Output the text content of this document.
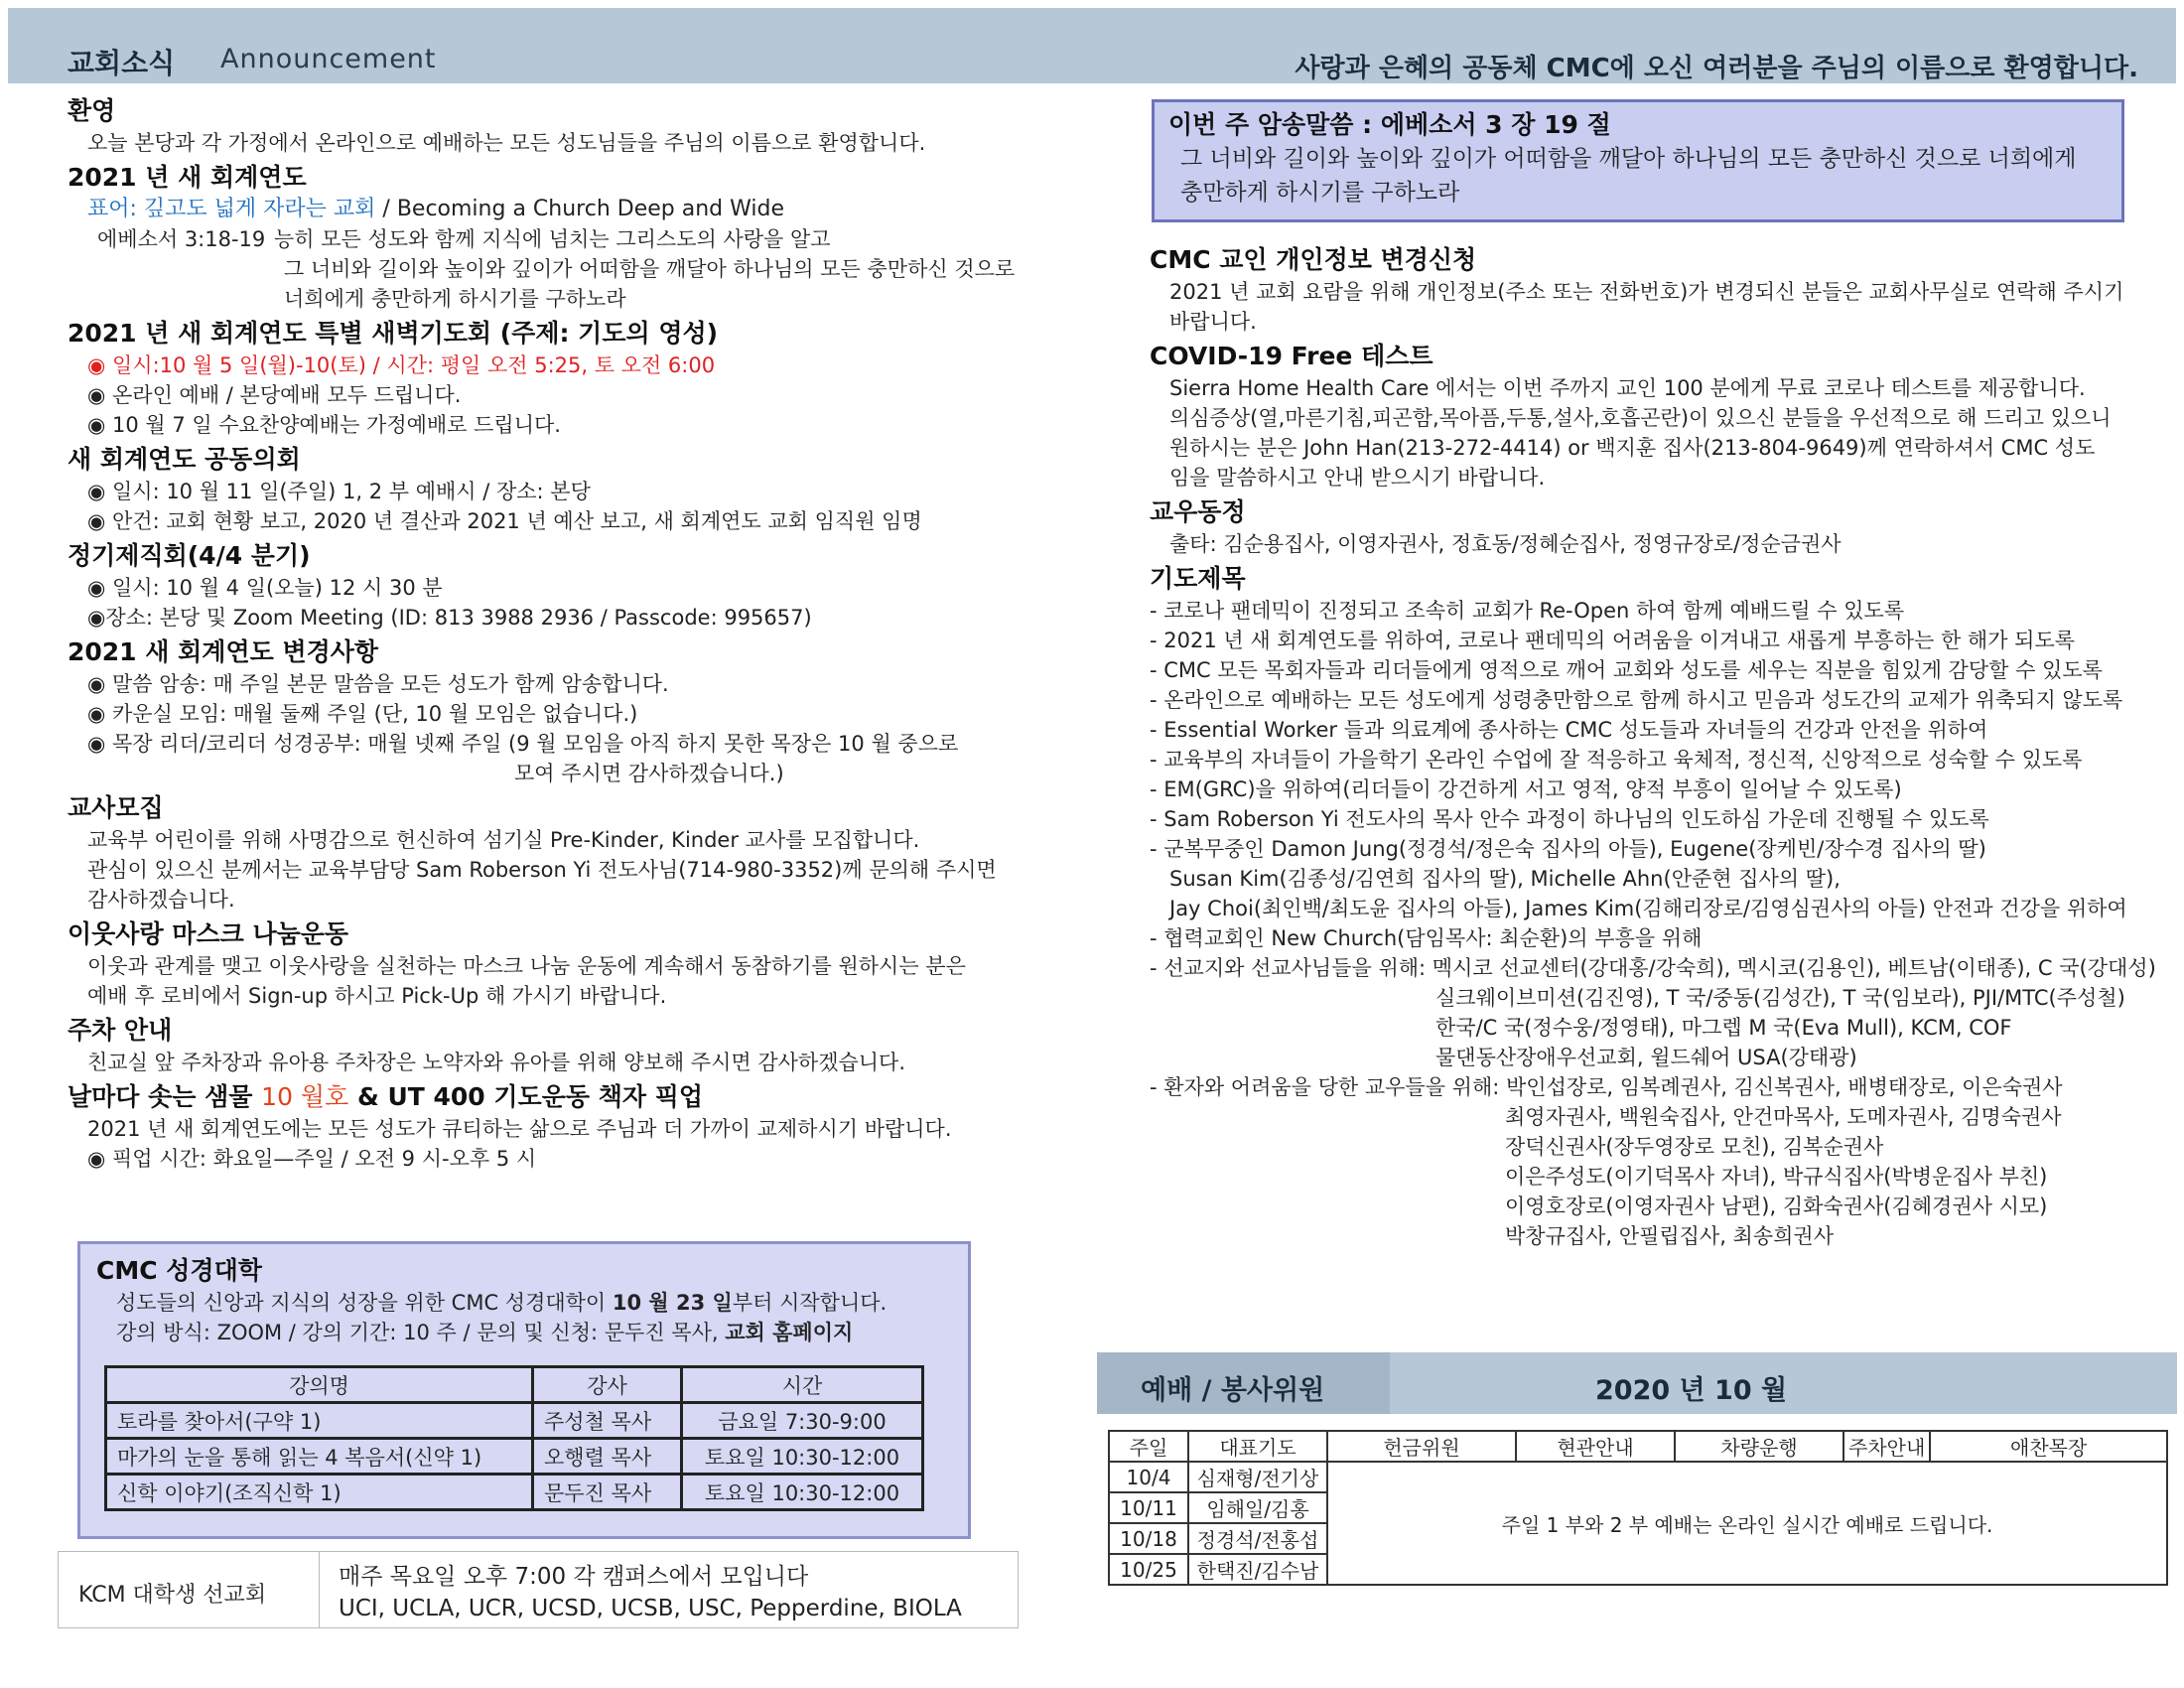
교회소식 Announcement	사랑과 은혜의 공동체 CMC에 오신 여러분을 주님의 이름으로 환영합니다.
환영
오늘 본당과 각 가정에서 온라인으로 예배하는 모든 성도님들을 주님의 이름으로 환영합니다.
2021 년 새 회계연도
표어: 깊고도 넓게 자라는 교회 / Becoming a Church Deep and Wide
에베소서 3:18-19 능히 모든 성도와 함께 지식에 넘치는 그리스도의 사랑을 알고
그 너비와 길이와 높이와 깊이가 어떠함을 깨달아 하나님의 모든 충만하신 것으로
너희에게 충만하게 하시기를 구하노라
2021 년 새 회계연도 특별 새벽기도회 (주제: 기도의 영성)
◉ 일시:10 월 5 일(월)-10(토) / 시간: 평일 오전 5:25, 토 오전 6:00
◉ 온라인 예배 / 본당예배 모두 드립니다.
◉ 10 월 7 일 수요찬양예배는 가정예배로 드립니다.
새 회계연도 공동의회
◉ 일시: 10 월 11 일(주일) 1, 2 부 예배시 / 장소: 본당
◉ 안건: 교회 현황 보고, 2020 년 결산과 2021 년 예산 보고, 새 회계연도 교회 임직원 임명
정기제직회(4/4 분기)
◉ 일시: 10 월 4 일(오늘) 12 시 30 분
◉장소: 본당 및 Zoom Meeting (ID: 813 3988 2936 / Passcode: 995657)
2021 새 회계연도 변경사항
◉ 말씀 암송: 매 주일 본문 말씀을 모든 성도가 함께 암송합니다.
◉ 카운실 모임: 매월 둘째 주일 (단, 10 월 모임은 없습니다.)
◉ 목장 리더/코리더 성경공부: 매월 넷째 주일 (9 월 모임을 아직 하지 못한 목장은 10 월 중으로
모여 주시면 감사하겠습니다.)
교사모집
교육부 어린이를 위해 사명감으로 헌신하여 섬기실 Pre-Kinder, Kinder 교사를 모집합니다.
관심이 있으신 분께서는 교육부담당 Sam Roberson Yi 전도사님(714-980-3352)께 문의해 주시면
감사하겠습니다.
이웃사랑 마스크 나눔운동
이웃과 관계를 맺고 이웃사랑을 실천하는 마스크 나눔 운동에 계속해서 동참하기를 원하시는 분은
예배 후 로비에서 Sign-up 하시고 Pick-Up 해 가시기 바랍니다.
주차 안내
친교실 앞 주차장과 유아용 주차장은 노약자와 유아를 위해 양보해 주시면 감사하겠습니다.
날마다 솟는 샘물 10 월호 & UT 400 기도운동 책자 픽업
2021 년 새 회계연도에는 모든 성도가 큐티하는 삶으로 주님과 더 가까이 교제하시기 바랍니다.
◉ 픽업 시간: 화요일—주일 / 오전 9 시-오후 5 시
CMC 성경대학
성도들의 신앙과 지식의 성장을 위한 CMC 성경대학이 10 월 23 일부터 시작합니다.
강의 방식: ZOOM / 강의 기간: 10 주 / 문의 및 신청: 문두진 목사, 교회 홈페이지
강의명	강사	시간
토라를 찾아서(구약 1)	주성철 목사	금요일 7:30-9:00
마가의 눈을 통해 읽는 4 복음서(신약 1)	오행렬 목사	토요일 10:30-12:00
신학 이야기(조직신학 1)	문두진 목사	토요일 10:30-12:00
KCM 대학생 선교회
매주 목요일 오후 7:00 각 캠퍼스에서 모입니다
UCI, UCLA, UCR, UCSD, UCSB, USC, Pepperdine, BIOLA
이번 주 암송말씀 : 에베소서 3 장 19 절
그 너비와 길이와 높이와 깊이가 어떠함을 깨달아 하나님의 모든 충만하신 것으로 너희에게
충만하게 하시기를 구하노라
CMC 교인 개인정보 변경신청
2021 년 교회 요람을 위해 개인정보(주소 또는 전화번호)가 변경되신 분들은 교회사무실로 연락해 주시기
바랍니다.
COVID-19 Free 테스트
Sierra Home Health Care 에서는 이번 주까지 교인 100 분에게 무료 코로나 테스트를 제공합니다.
의심증상(열,마른기침,피곤함,목아픔,두통,설사,호흡곤란)이 있으신 분들을 우선적으로 해 드리고 있으니
원하시는 분은 John Han(213-272-4414) or 백지훈 집사(213-804-9649)께 연락하셔서 CMC 성도
임을 말씀하시고 안내 받으시기 바랍니다.
교우동정
출타: 김순용집사, 이영자권사, 정효동/정혜순집사, 정영규장로/정순금권사
기도제목
- 코로나 팬데믹이 진정되고 조속히 교회가 Re-Open 하여 함께 예배드릴 수 있도록
- 2021 년 새 회계연도를 위하여, 코로나 팬데믹의 어려움을 이겨내고 새롭게 부흥하는 한 해가 되도록
- CMC 모든 목회자들과 리더들에게 영적으로 깨어 교회와 성도를 세우는 직분을 힘있게 감당할 수 있도록
- 온라인으로 예배하는 모든 성도에게 성령충만함으로 함께 하시고 믿음과 성도간의 교제가 위축되지 않도록
- Essential Worker 들과 의료계에 종사하는 CMC 성도들과 자녀들의 건강과 안전을 위하여
- 교육부의 자녀들이 가을학기 온라인 수업에 잘 적응하고 육체적, 정신적, 신앙적으로 성숙할 수 있도록
- EM(GRC)을 위하여(리더들이 강건하게 서고 영적, 양적 부흥이 일어날 수 있도록)
- Sam Roberson Yi 전도사의 목사 안수 과정이 하나님의 인도하심 가운데 진행될 수 있도록
- 군복무중인 Damon Jung(정경석/정은숙 집사의 아들), Eugene(장케빈/장수경 집사의 딸)
Susan Kim(김종성/김연희 집사의 딸), Michelle Ahn(안준현 집사의 딸),
Jay Choi(최인백/최도윤 집사의 아들), James Kim(김해리장로/김영심권사의 아들) 안전과 건강을 위하여
- 협력교회인 New Church(담임목사: 최순환)의 부흥을 위해
- 선교지와 선교사님들을 위해: 멕시코 선교센터(강대홍/강숙희), 멕시코(김용인), 베트남(이태종), C 국(강대성)
실크웨이브미션(김진영), T 국/중동(김성간), T 국(임보라), PJI/MTC(주성철)
한국/C 국(정수웅/정영태), 마그렙 M 국(Eva Mull), KCM, COF
물댄동산장애우선교회, 윌드쉐어 USA(강태광)
- 환자와 어려움을 당한 교우들을 위해: 박인섭장로, 임복례권사, 김신복권사, 배병태장로, 이은숙권사
최영자권사, 백원숙집사, 안건마목사, 도메자권사, 김명숙권사
장덕신권사(장두영장로 모친), 김복순권사
이은주성도(이기덕목사 자녀), 박규식집사(박병운집사 부친)
이영호장로(이영자권사 남편), 김화숙권사(김혜경권사 시모)
박창규집사, 안필립집사, 최송희권사
예배 / 봉사위원	2020 년 10 월
주일	대표기도	헌금위원	현관안내	차량운행	주차안내	애찬목장
10/4	심재형/전기상	주일 1 부와 2 부 예배는 온라인 실시간 예배로 드립니다.				
10/11	임해일/김홍					
10/18	정경석/전홍섭					
10/25	한택진/김수남					
